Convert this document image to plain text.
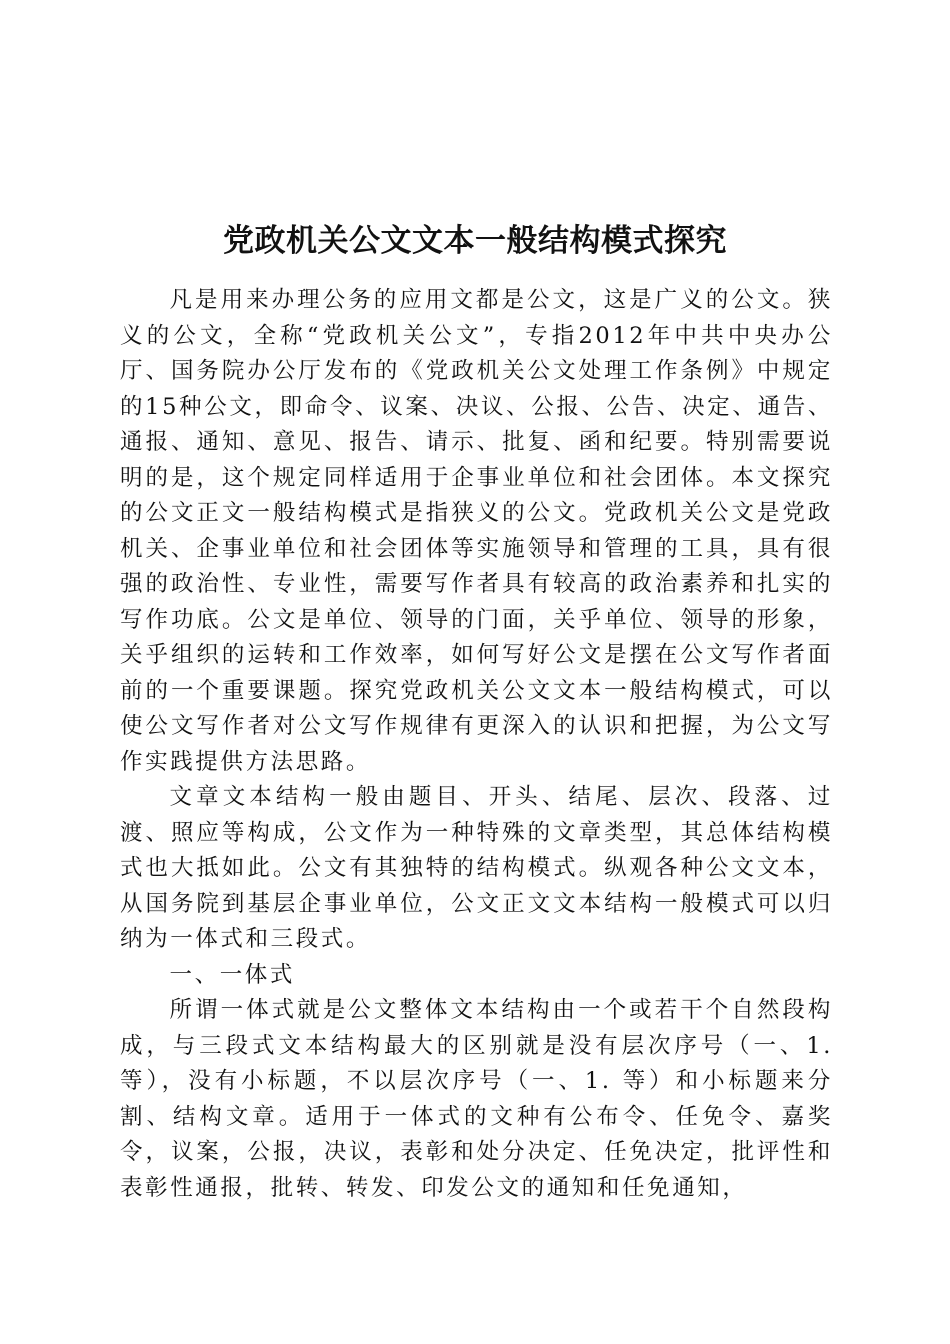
党政机关公文文本一般结构模式探究

凡是用来办理公务的应用文都是公文，这是广义的公文。狭义的公文，全称“党政机关公文”，专指2012年中共中央办公厅、国务院办公厅发布的《党政机关公文处理工作条例》中规定的15种公文，即命令、议案、决议、公报、公告、决定、通告、通报、通知、意见、报告、请示、批复、函和纪要。特别需要说明的是，这个规定同样适用于企事业单位和社会团体。本文探究的公文正文一般结构模式是指狭义的公文。党政机关公文是党政机关、企事业单位和社会团体等实施领导和管理的工具，具有很强的政治性、专业性，需要写作者具有较高的政治素养和扎实的写作功底。公文是单位、领导的门面，关乎单位、领导的形象，关乎组织的运转和工作效率，如何写好公文是摆在公文写作者面前的一个重要课题。探究党政机关公文文本一般结构模式，可以使公文写作者对公文写作规律有更深入的认识和把握，为公文写作实践提供方法思路。

文章文本结构一般由题目、开头、结尾、层次、段落、过渡、照应等构成，公文作为一种特殊的文章类型，其总体结构模式也大抵如此。公文有其独特的结构模式。纵观各种公文文本，从国务院到基层企事业单位，公文正文文本结构一般模式可以归纳为一体式和三段式。

一、一体式

所谓一体式就是公文整体文本结构由一个或若干个自然段构成，与三段式文本结构最大的区别就是没有层次序号（一、1. 等），没有小标题，不以层次序号（一、1. 等）和小标题来分割、结构文章。适用于一体式的文种有公布令、任免令、嘉奖令，议案，公报，决议，表彰和处分决定、任免决定，批评性和表彰性通报，批转、转发、印发公文的通知和任免通知，
